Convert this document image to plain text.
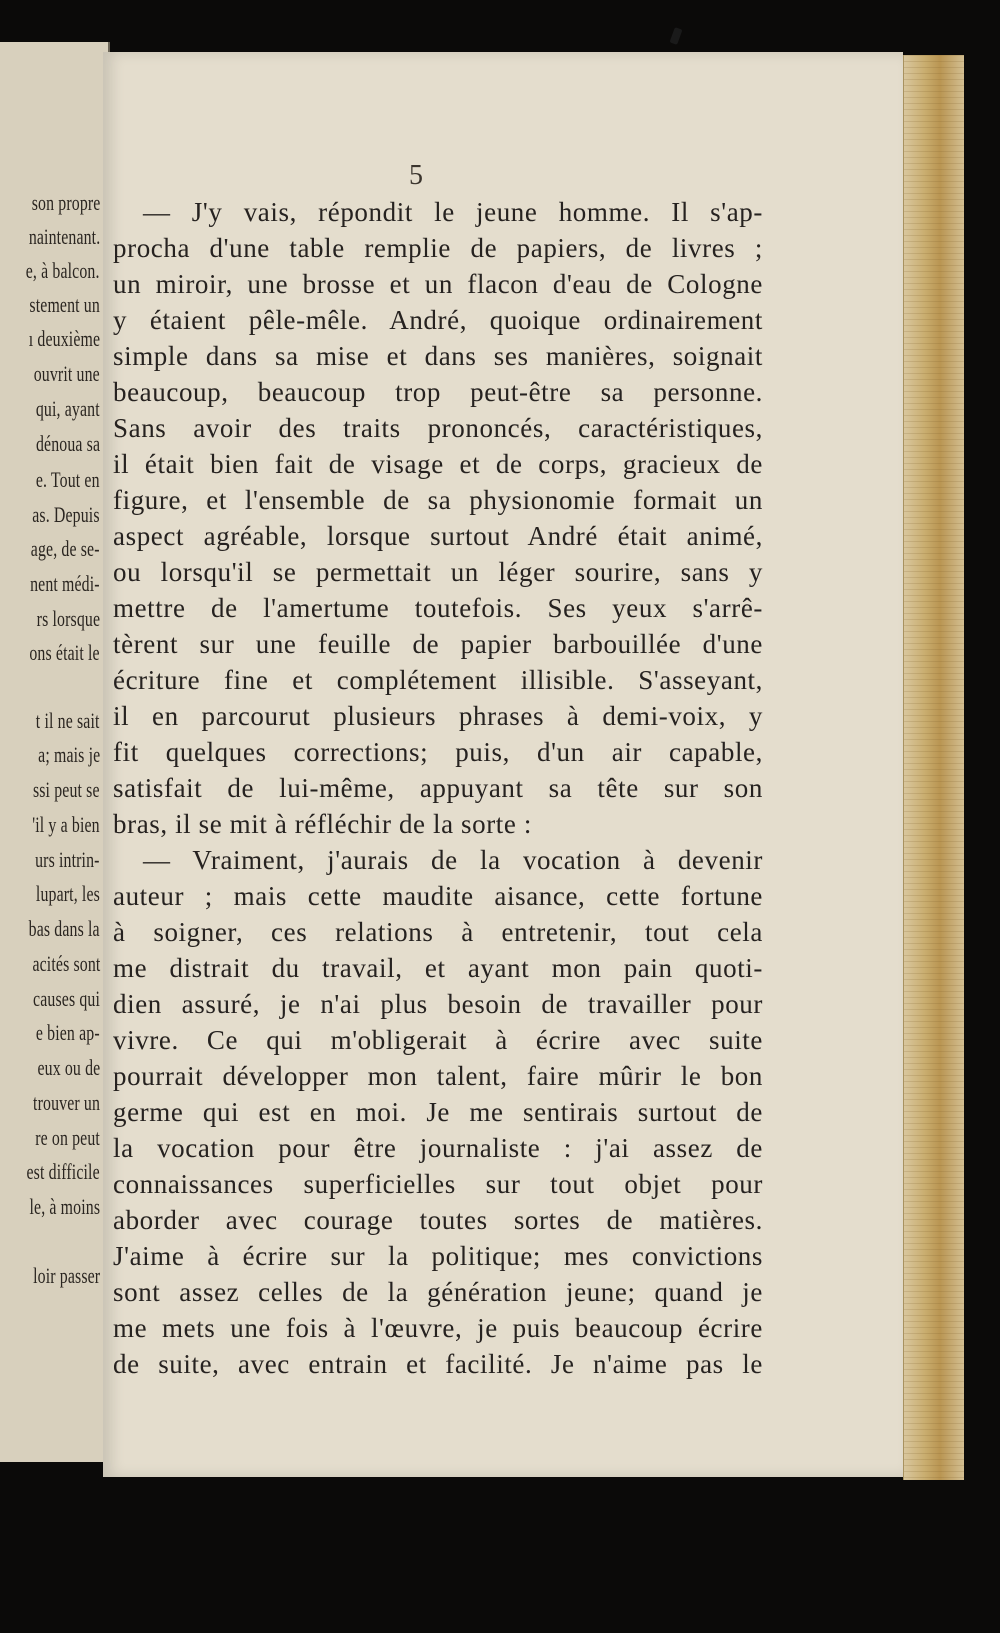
son propre

naintenant.

e, à balcon.

stement un

ı deuxième

ouvrit une

qui, ayant

dénoua sa

e. Tout en

as. Depuis

age, de se-

nent médi-

rs lorsque

ons était le

t il ne sait

a; mais je

ssi peut se

'il y a bien

urs intrin-

lupart, les

bas dans la

acités sont

causes qui

e bien ap-

eux ou de

trouver un

re on peut

est difficile

le, à moins

loir passer

5

— J'y vais, répondit le jeune homme. Il s'ap-

procha d'une table remplie de papiers, de livres ;

un miroir, une brosse et un flacon d'eau de Cologne

y étaient pêle-mêle. André, quoique ordinairement

simple dans sa mise et dans ses manières, soignait

beaucoup, beaucoup trop peut-être sa personne.

Sans avoir des traits prononcés, caractéristiques,

il était bien fait de visage et de corps, gracieux de

figure, et l'ensemble de sa physionomie formait un

aspect agréable, lorsque surtout André était animé,

ou lorsqu'il se permettait un léger sourire, sans y

mettre de l'amertume toutefois. Ses yeux s'arrê-

tèrent sur une feuille de papier barbouillée d'une

écriture fine et complétement illisible. S'asseyant,

il en parcourut plusieurs phrases à demi-voix, y

fit quelques corrections; puis, d'un air capable,

satisfait de lui-même, appuyant sa tête sur son

bras, il se mit à réfléchir de la sorte :

— Vraiment, j'aurais de la vocation à devenir

auteur ; mais cette maudite aisance, cette fortune

à soigner, ces relations à entretenir, tout cela

me distrait du travail, et ayant mon pain quoti-

dien assuré, je n'ai plus besoin de travailler pour

vivre. Ce qui m'obligerait à écrire avec suite

pourrait développer mon talent, faire mûrir le bon

germe qui est en moi. Je me sentirais surtout de

la vocation pour être journaliste : j'ai assez de

connaissances superficielles sur tout objet pour

aborder avec courage toutes sortes de matières.

J'aime à écrire sur la politique; mes convictions

sont assez celles de la génération jeune; quand je

me mets une fois à l'œuvre, je puis beaucoup écrire

de suite, avec entrain et facilité. Je n'aime pas le
